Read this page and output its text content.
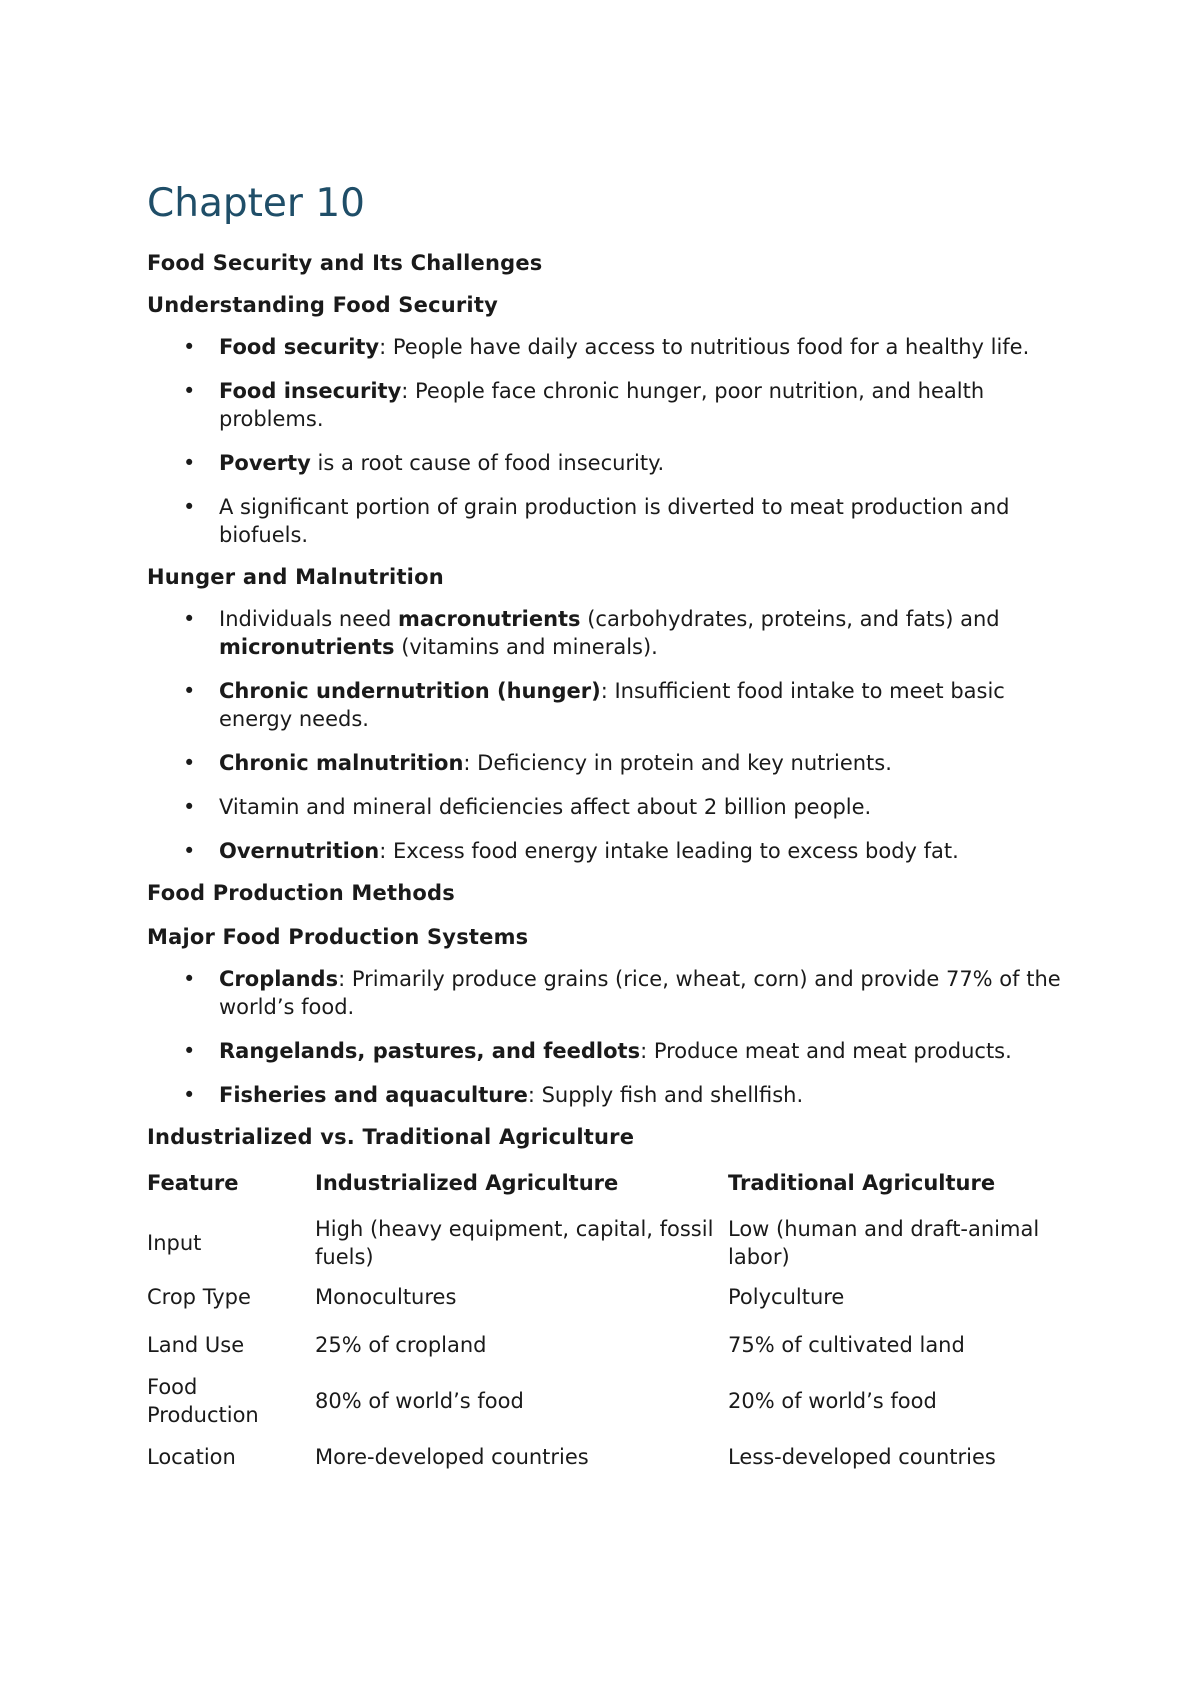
Chapter 10
Food Security and Its Challenges
Understanding Food Security
• Food security: People have daily access to nutritious food for a healthy life.
• Food insecurity: People face chronic hunger, poor nutrition, and health problems.
• Poverty is a root cause of food insecurity.
• A significant portion of grain production is diverted to meat production and biofuels.
Hunger and Malnutrition
• Individuals need macronutrients (carbohydrates, proteins, and fats) and micronutrients (vitamins and minerals).
• Chronic undernutrition (hunger): Insufficient food intake to meet basic energy needs.
• Chronic malnutrition: Deficiency in protein and key nutrients.
• Vitamin and mineral deficiencies affect about 2 billion people.
• Overnutrition: Excess food energy intake leading to excess body fat.
Food Production Methods
Major Food Production Systems
• Croplands: Primarily produce grains (rice, wheat, corn) and provide 77% of the world’s food.
• Rangelands, pastures, and feedlots: Produce meat and meat products.
• Fisheries and aquaculture: Supply fish and shellfish.
Industrialized vs. Traditional Agriculture
Feature	Industrialized Agriculture	Traditional Agriculture
Input	High (heavy equipment, capital, fossil fuels)	Low (human and draft-animal labor)
Crop Type	Monocultures	Polyculture
Land Use	25% of cropland	75% of cultivated land
Food Production	80% of world’s food	20% of world’s food
Location	More-developed countries	Less-developed countries
